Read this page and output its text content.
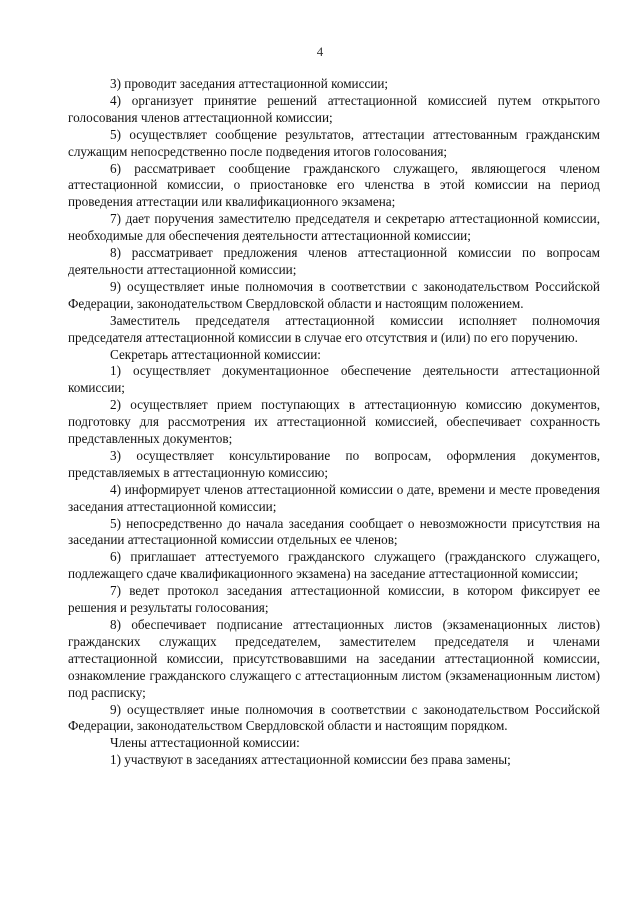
4

3) проводит заседания аттестационной комиссии;

4) организует принятие решений аттестационной комиссией путем открытого голосования членов аттестационной комиссии;

5) осуществляет сообщение результатов, аттестации аттестованным гражданским служащим непосредственно после подведения итогов голосования;

6) рассматривает сообщение гражданского служащего, являющегося членом аттестационной комиссии, о приостановке его членства в этой комиссии на период проведения аттестации или квалификационного экзамена;

7) дает поручения заместителю председателя и секретарю аттестационной комиссии, необходимые для обеспечения деятельности аттестационной комиссии;

8) рассматривает предложения членов аттестационной комиссии по вопросам деятельности аттестационной комиссии;

9) осуществляет иные полномочия в соответствии с законодательством Российской Федерации, законодательством Свердловской области и настоящим положением.

Заместитель председателя аттестационной комиссии исполняет полномочия председателя аттестационной комиссии в случае его отсутствия и (или) по его поручению.

Секретарь аттестационной комиссии:

1) осуществляет документационное обеспечение деятельности аттестационной комиссии;

2) осуществляет прием поступающих в аттестационную комиссию документов, подготовку для рассмотрения их аттестационной комиссией, обеспечивает сохранность представленных документов;

3) осуществляет консультирование по вопросам, оформления документов, представляемых в аттестационную комиссию;

4) информирует членов аттестационной комиссии о дате, времени и месте проведения заседания аттестационной комиссии;

5) непосредственно до начала заседания сообщает о невозможности присутствия на заседании аттестационной комиссии отдельных ее членов;

6) приглашает аттестуемого гражданского служащего (гражданского служащего, подлежащего сдаче квалификационного экзамена) на заседание аттестационной комиссии;

7) ведет протокол заседания аттестационной комиссии, в котором фиксирует ее решения и результаты голосования;

8) обеспечивает подписание аттестационных листов (экзаменационных листов) гражданских служащих председателем, заместителем председателя и членами аттестационной комиссии, присутствовавшими на заседании аттестационной комиссии, ознакомление гражданского служащего с аттестационным листом (экзаменационным листом) под расписку;

9) осуществляет иные полномочия в соответствии с законодательством Российской Федерации, законодательством Свердловской области и настоящим порядком.

Члены аттестационной комиссии:

1) участвуют в заседаниях аттестационной комиссии без права замены;
